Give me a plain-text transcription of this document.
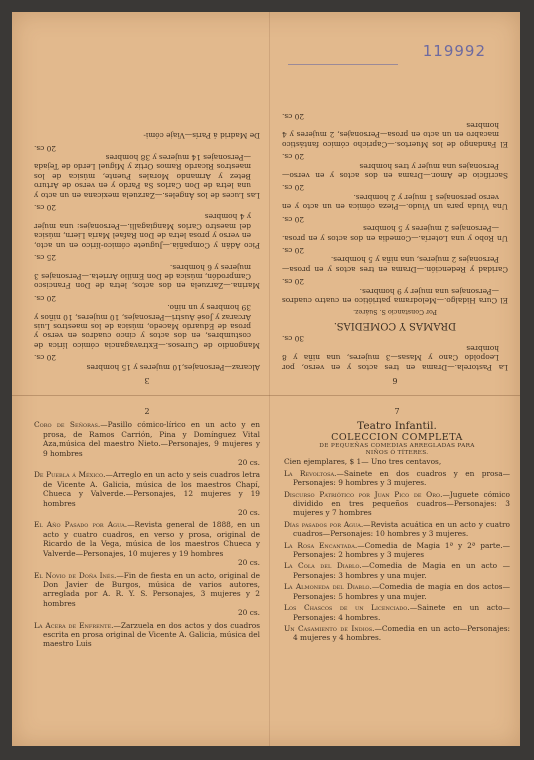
119992
3

Alcaraz—Personajes,10 mujeres y 15 hombres
20 cs.

Mangondio de Curesos.—Extravagancia cómico lírica de costumbres, en dos actos y cinco cuadros en verso y prosa de Eduardo Macedo, música de los maestros Luis Arcaraz y José Austri—Personajes, 10 mujeres, 10 niños y 39 hombres y un niño.
20 cs.

Marina.—Zarzuela en dos actos, letra de Don Francisco Camprodón, música de Don Emilio Arrieta.—Personajes 3 mujeres y 6 hombres.
25 cs.

Pico Adán y Compañía.—Juguete cómico-lírico en un acto, en verso y prosa letra de Don Rafael María Liern, música del maestro Carlos Mangiagalli.—Personajes: una mujer y 4 hombres
20 cs.

Las Luces de los Ángeles.—Zarzuela mexicana en un acto y una letra de Don Carlos Sa Pardo y en verso de Arturo Betez y Armando Morales Puente, música de los maestros Ricardo Ramos Ortiz y Miguel Lerdo de Tejada—Personajes 14 mujeres y 38 hombres
20 cs.

De Madrid á París—Viaje cómi-

6

La Pastorela.—Drama en tres actos y en verso, por Leopoldo Cano y Masas—3 mujeres, una niña y 8 hombres
30 cs.

DRAMAS Y COMEDIAS.
Por Constancio S. Suárez.

El Cura Hidalgo.—Melodrama patriótico en cuatro cuadros—Personajes una mujer y 9 hombres.
20 cs.

Caridad y Redención.—Drama en tres actos y en prosa—Personajes 2 mujeres, una niña y 5 hombres.
20 cs.

Un Robo y una Lotería.—Comedia en dos actos y en prosa.—Personajes 2 mujeres y 5 hombres
20 cs.

Una Viuda para un Viudo.—Pieza cómica en un acto y en verso personajes 1 mujer y 2 hombres.
20 cs.

Sacrificio de Amor.—Drama en dos actos y en verso—Personajes una mujer y tres hombres
20 cs.

El Fandango de los Muertos.—Capricho cómico fantástico macabro en un acto en prosa—Personajes, 2 mujeres y 4 hombres
20 cs.

2

Coro de Señoras.—Pasillo cómico-lírico en un acto y en prosa, de Ramos Carrión, Pina y Domínguez Vital Aza,música del maestro Nieto.—Personajes, 9 mujeres y 9 hombres
20 cs.

De Puebla á México.—Arreglo en un acto y seis cuadros letra de Vicente A. Galicia, música de los maestros Chapí, Chueca y Valverde.—Personajes, 12 mujeres y 19 hombres
20 cs.

El Año Pasado por Agua.—Revista general de 1888, en un acto y cuatro cuadros, en verso y prosa, original de Ricardo de la Vega, música de los maestros Chueca y Valverde—Personajes, 10 mujeres y 19 hombres
20 cs.

El Novio de Doña Inés.—Fin de fiesta en un acto, original de Don Javier de Burgos, música de varios autores, arreglada por A. R. Y. S. Personajes, 3 mujeres y 2 hombres
20 cs.

La Acera de Enfrente.—Zarzuela en dos actos y dos cuadros escrita en prosa original de Vicente A. Galicia, música del maestro Luis

7
Teatro Infantil.
COLECCION COMPLETA
DE PEQUEÑAS COMEDIAS ARREGLADAS PARA
NIÑOS Ó TÍTERES.

Cien ejemplares, $ 1— Uno tres centavos,

La Revoltosa.—Sainete en dos cuadros y en prosa—Personajes: 9 hombres y 3 mujeres.

Discurso Patriótico por Juan Pico de Oro.—Juguete cómico dividido en tres pequeños cuadros—Personajes: 3 mujeres y 7 hombres

Días pasados por Agua.—Revista acuática en un acto y cuatro cuadros—Personajes: 10 hombres y 3 mujeres.

La Rosa Encantada.—Comedia de Magia 1ª y 2ª parte.—Personajes: 2 hombres y 3 mujeres

La Cola del Diablo.—Comedia de Magia en un acto —Personajes: 3 hombres y una mujer.

La Almoneda del Diablo.—Comedia de magia en dos actos—Personajes: 5 hombres y una mujer.

Los Chascos de un Licenciado.—Sainete en un acto—Personajes: 4 hombres.

Un Casamiento de Indios.—Comedia en un acto—Personajes: 4 mujeres y 4 hombres.
